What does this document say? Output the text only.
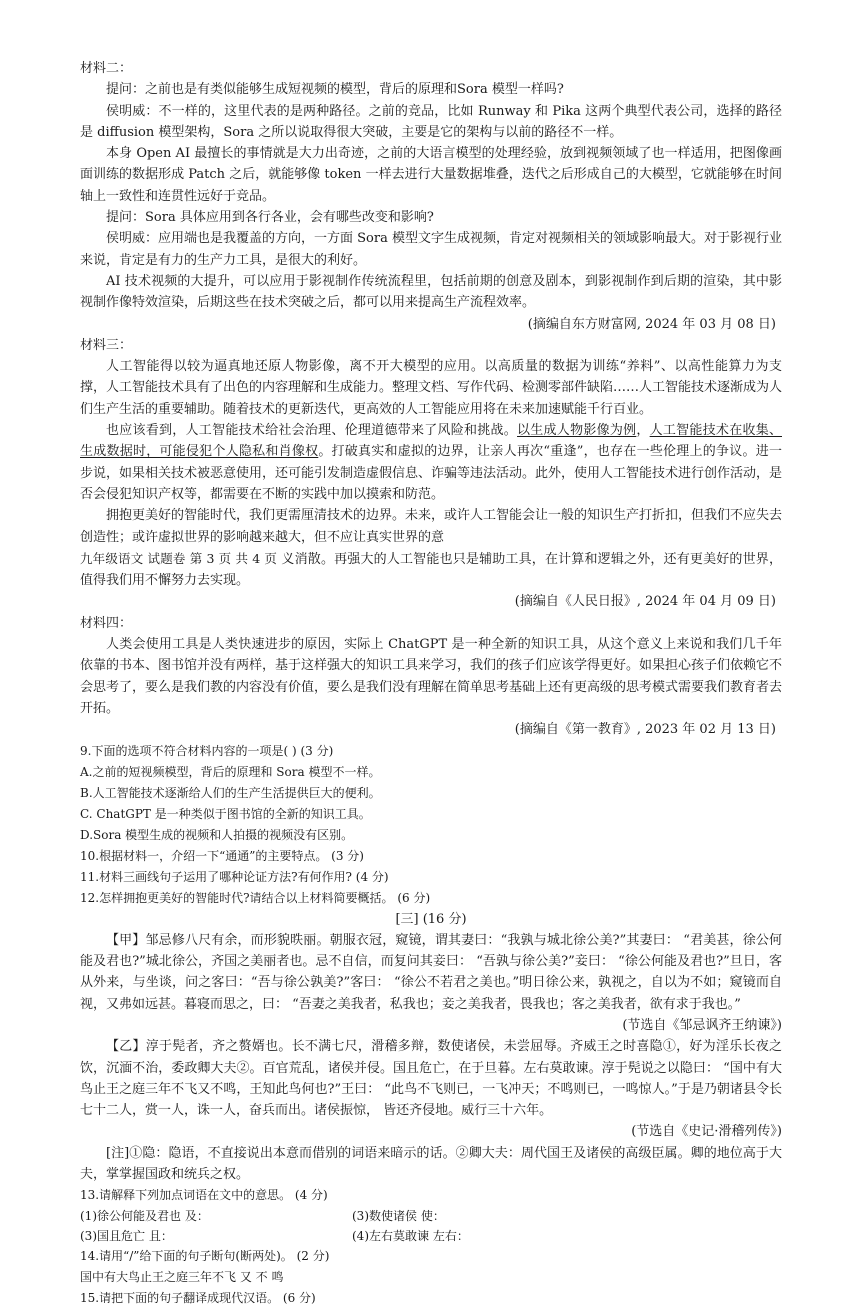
材料二：

提问：之前也是有类似能够生成短视频的模型，背后的原理和Sora 模型一样吗?

侯明威：不一样的，这里代表的是两种路径。之前的竞品，比如 Runway 和 Pika 这两个典型代表公司，选择的路径是 diffusion 模型架构，Sora 之所以说取得很大突破，主要是它的架构与以前的路径不一样。

本身 Open AI 最擅长的事情就是大力出奇迹，之前的大语言模型的处理经验，放到视频领域了也一样适用，把图像画面训练的数据形成 Patch 之后，就能够像 token 一样去进行大量数据堆叠，迭代之后形成自己的大模型，它就能够在时间轴上一致性和连贯性远好于竞品。

提问：Sora 具体应用到各行各业，会有哪些改变和影响?

侯明威：应用端也是我覆盖的方向，一方面 Sora 模型文字生成视频，肯定对视频相关的领域影响最大。对于影视行业来说，肯定是有力的生产力工具，是很大的利好。

AI 技术视频的大提升，可以应用于影视制作传统流程里，包括前期的创意及剧本，到影视制作到后期的渲染，其中影视制作像特效渲染，后期这些在技术突破之后，都可以用来提高生产流程效率。

(摘编自东方财富网, 2024 年 03 月 08 日)

材料三：

人工智能得以较为逼真地还原人物影像，离不开大模型的应用。以高质量的数据为训练“养料”、以高性能算力为支撑，人工智能技术具有了出色的内容理解和生成能力。整理文档、写作代码、检测零部件缺陷……人工智能技术逐渐成为人们生产生活的重要辅助。随着技术的更新迭代，更高效的人工智能应用将在未来加速赋能千行百业。

也应该看到，人工智能技术给社会治理、伦理道德带来了风险和挑战。以生成人物影像为例，人工智能技术在收集、生成数据时，可能侵犯个人隐私和肖像权。打破真实和虚拟的边界，让亲人再次“重逢”，也存在一些伦理上的争议。进一步说，如果相关技术被恶意使用，还可能引发制造虚假信息、诈骗等违法活动。此外，使用人工智能技术进行创作活动，是否会侵犯知识产权等，都需要在不断的实践中加以摸索和防范。

拥抱更美好的智能时代，我们更需厘清技术的边界。未来，或许人工智能会让一般的知识生产打折扣，但我们不应失去创造性；或许虚拟世界的影响越来越大，但不应让真实世界的意

九年级语文 试题卷 第 3 页 共 4 页 义消散。再强大的人工智能也只是辅助工具，在计算和逻辑之外，还有更美好的世界，值得我们用不懈努力去实现。

(摘编自《人民日报》, 2024 年 04 月 09 日)

材料四：

人类会使用工具是人类快速进步的原因，实际上 ChatGPT 是一种全新的知识工具，从这个意义上来说和我们几千年依靠的书本、图书馆并没有两样，基于这样强大的知识工具来学习，我们的孩子们应该学得更好。如果担心孩子们依赖它不会思考了，要么是我们教的内容没有价值，要么是我们没有理解在简单思考基础上还有更高级的思考模式需要我们教育者去开拓。

(摘编自《第一教育》, 2023 年 02 月 13 日)

9.下面的选项不符合材料内容的一项是( ) (3 分)

A.之前的短视频模型，背后的原理和 Sora 模型不一样。

B.人工智能技术逐渐给人们的生产生活提供巨大的便利。

C. ChatGPT 是一种类似于图书馆的全新的知识工具。

D.Sora 模型生成的视频和人拍摄的视频没有区别。

10.根据材料一，介绍一下“通通”的主要特点。 (3 分)

11.材料三画线句子运用了哪种论证方法?有何作用? (4 分)

12.怎样拥抱更美好的智能时代?请结合以上材料简要概括。 (6 分)

[三] (16 分)

【甲】邹忌修八尺有余，而形貌昳丽。朝服衣冠，窥镜，谓其妻曰：“我孰与城北徐公美?”其妻曰： “君美甚，徐公何能及君也?”城北徐公，齐国之美丽者也。忌不自信，而复问其妾曰： “吾孰与徐公美?”妾曰： “徐公何能及君也?”旦日，客从外来，与坐谈，问之客曰：“吾与徐公孰美?”客曰： “徐公不若君之美也。”明日徐公来，孰视之，自以为不如；窥镜而自视，又弗如远甚。暮寝而思之，曰： “吾妻之美我者，私我也；妾之美我者，畏我也；客之美我者，欲有求于我也。”

(节选自《邹忌讽齐王纳谏》)

【乙】淳于髡者，齐之赘婿也。长不满七尺，滑稽多辩，数使诸侯，未尝屈辱。齐威王之时喜隐①，好为淫乐长夜之饮，沉湎不治，委政卿大夫②。百官荒乱，诸侯并侵。国且危亡，在于旦暮。左右莫敢谏。淳于髡说之以隐曰： “国中有大鸟止王之庭三年不飞又不鸣，王知此鸟何也?”王曰： “此鸟不飞则已，一飞冲天；不鸣则已，一鸣惊人。”于是乃朝诸县令长七十二人，赏一人，诛一人，奋兵而出。诸侯振惊， 皆还齐侵地。威行三十六年。

(节选自《史记·滑稽列传》)

[注]①隐：隐语，不直接说出本意而借别的词语来暗示的话。②卿大夫：周代国王及诸侯的高级臣属。卿的地位高于大夫，掌掌握国政和统兵之权。

13.请解释下列加点词语在文中的意思。 (4 分)

(1)徐公何能及君也 及：	(3)数使诸侯 使：
(3)国且危亡 且：	(4)左右莫敢谏 左右：

14.请用“/”给下面的句子断句(断两处)。 (2 分)

国中有大鸟止王之庭三年不飞 又 不 鸣

15.请把下面的句子翻译成现代汉语。 (6 分)
